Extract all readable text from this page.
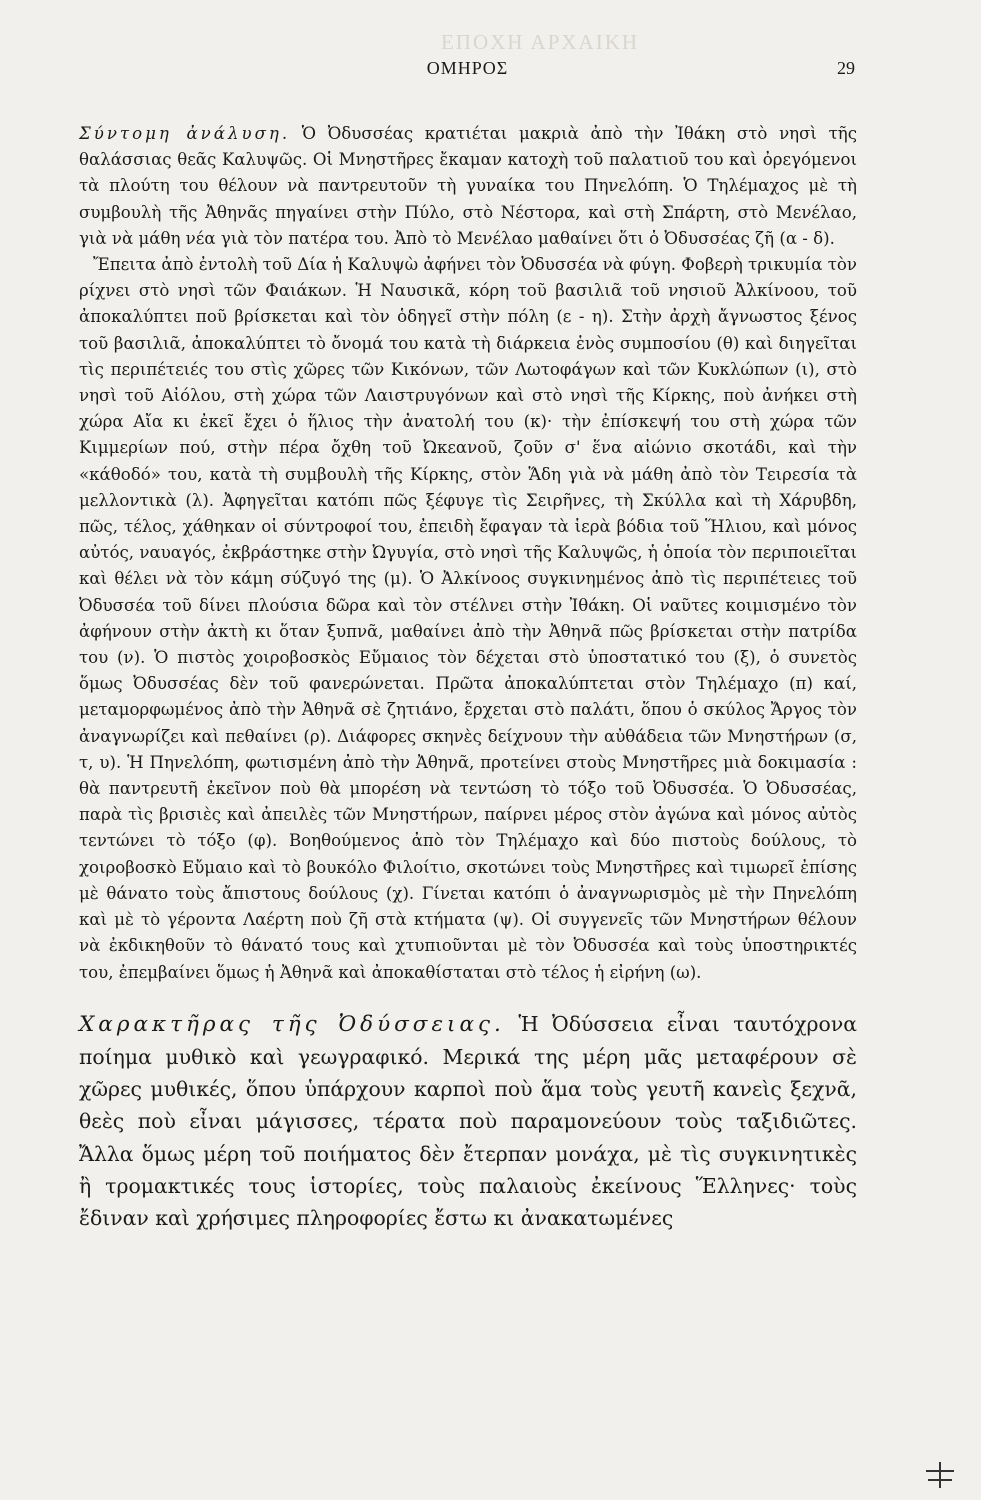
ΕΠΟΧΗ ΑΡΧΑΙΚΗ
ΟΜΗΡΟΣ	29

Σύντομη ἀνάλυση. Ὁ Ὀδυσσέας κρατιέται μακριὰ ἀπὸ τὴν Ἰθάκη στὸ νησὶ τῆς θαλάσσιας θεᾶς Καλυψῶς. Οἱ Μνηστῆρες ἔκαμαν κατοχὴ τοῦ παλατιοῦ του καὶ ὀρεγόμενοι τὰ πλούτη του θέλουν νὰ παντρευτοῦν τὴ γυναίκα του Πηνελόπη. Ὁ Τηλέμαχος μὲ τὴ συμβουλὴ τῆς Ἀθηνᾶς πηγαίνει στὴν Πύλο, στὸ Νέστορα, καὶ στὴ Σπάρτη, στὸ Μενέλαο, γιὰ νὰ μάθη νέα γιὰ τὸν πατέρα του. Ἀπὸ τὸ Μενέλαο μαθαίνει ὅτι ὁ Ὀδυσσέας ζῆ (α - δ).

Ἔπειτα ἀπὸ ἐντολὴ τοῦ Δία ἡ Καλυψὼ ἀφήνει τὸν Ὀδυσσέα νὰ φύγη. Φοβερὴ τρικυμία τὸν ρίχνει στὸ νησὶ τῶν Φαιάκων. Ἡ Ναυσικᾶ, κόρη τοῦ βασιλιᾶ τοῦ νησιοῦ Ἀλκίνοου, τοῦ ἀποκαλύπτει ποῦ βρίσκεται καὶ τὸν ὁδηγεῖ στὴν πόλη (ε - η). Στὴν ἀρχὴ ἄγνωστος ξένος τοῦ βασιλιᾶ, ἀποκαλύπτει τὸ ὄνομά του κατὰ τὴ διάρκεια ἑνὸς συμποσίου (θ) καὶ διηγεῖται τὶς περιπέτειές του στὶς χῶρες τῶν Κικόνων, τῶν Λωτοφάγων καὶ τῶν Κυκλώπων (ι), στὸ νησὶ τοῦ Αἰόλου, στὴ χώρα τῶν Λαιστρυγόνων καὶ στὸ νησὶ τῆς Κίρκης, ποὺ ἀνήκει στὴ χώρα Αἴα κι ἐκεῖ ἔχει ὁ ἥλιος τὴν ἀνατολή του (κ)· τὴν ἐπίσκεψή του στὴ χώρα τῶν Κιμμερίων πού, στὴν πέρα ὄχθη τοῦ Ὠκεανοῦ, ζοῦν σ' ἕνα αἰώνιο σκοτάδι, καὶ τὴν «κάθοδό» του, κατὰ τὴ συμβουλὴ τῆς Κίρκης, στὸν Ἅδη γιὰ νὰ μάθη ἀπὸ τὸν Τειρεσία τὰ μελλοντικὰ (λ). Ἀφηγεῖται κατόπι πῶς ξέφυγε τὶς Σειρῆνες, τὴ Σκύλλα καὶ τὴ Χάρυβδη, πῶς, τέλος, χάθηκαν οἱ σύντροφοί του, ἐπειδὴ ἔφαγαν τὰ ἱερὰ βόδια τοῦ Ἥλιου, καὶ μόνος αὐτός, ναυαγός, ἐκβράστηκε στὴν Ὠγυγία, στὸ νησὶ τῆς Καλυψῶς, ἡ ὁποία τὸν περιποιεῖται καὶ θέλει νὰ τὸν κάμη σύζυγό της (μ). Ὁ Ἀλκίνοος συγκινημένος ἀπὸ τὶς περιπέτειες τοῦ Ὀδυσσέα τοῦ δίνει πλούσια δῶρα καὶ τὸν στέλνει στὴν Ἰθάκη. Οἱ ναῦτες κοιμισμένο τὸν ἀφήνουν στὴν ἀκτὴ κι ὅταν ξυπνᾶ, μαθαίνει ἀπὸ τὴν Ἀθηνᾶ πῶς βρίσκεται στὴν πατρίδα του (ν). Ὁ πιστὸς χοιροβοσκὸς Εὔμαιος τὸν δέχεται στὸ ὑποστατικό του (ξ), ὁ συνετὸς ὅμως Ὀδυσσέας δὲν τοῦ φανερώνεται. Πρῶτα ἀποκαλύπτεται στὸν Τηλέμαχο (π) καί, μεταμορφωμένος ἀπὸ τὴν Ἀθηνᾶ σὲ ζητιάνο, ἔρχεται στὸ παλάτι, ὅπου ὁ σκύλος Ἄργος τὸν ἀναγνωρίζει καὶ πεθαίνει (ρ). Διάφορες σκηνὲς δείχνουν τὴν αὐθάδεια τῶν Μνηστήρων (σ, τ, υ). Ἡ Πηνελόπη, φωτισμένη ἀπὸ τὴν Ἀθηνᾶ, προτείνει στοὺς Μνηστῆρες μιὰ δοκιμασία : θὰ παντρευτῆ ἐκεῖνον ποὺ θὰ μπορέση νὰ τεντώση τὸ τόξο τοῦ Ὀδυσσέα. Ὁ Ὀδυσσέας, παρὰ τὶς βρισιὲς καὶ ἀπειλὲς τῶν Μνηστήρων, παίρνει μέρος στὸν ἀγώνα καὶ μόνος αὐτὸς τεντώνει τὸ τόξο (φ). Βοηθούμενος ἀπὸ τὸν Τηλέμαχο καὶ δύο πιστοὺς δούλους, τὸ χοιροβοσκὸ Εὔμαιο καὶ τὸ βουκόλο Φιλοίτιο, σκοτώνει τοὺς Μνηστῆρες καὶ τιμωρεῖ ἐπίσης μὲ θάνατο τοὺς ἄπιστους δούλους (χ). Γίνεται κατόπι ὁ ἀναγνωρισμὸς μὲ τὴν Πηνελόπη καὶ μὲ τὸ γέροντα Λαέρτη ποὺ ζῆ στὰ κτήματα (ψ). Οἱ συγγενεῖς τῶν Μνηστήρων θέλουν νὰ ἐκδικηθοῦν τὸ θάνατό τους καὶ χτυπιοῦνται μὲ τὸν Ὀδυσσέα καὶ τοὺς ὑποστηρικτές του, ἐπεμβαίνει ὅμως ἡ Ἀθηνᾶ καὶ ἀποκαθίσταται στὸ τέλος ἡ εἰρήνη (ω).

Χαρακτῆρας τῆς Ὀδύσσειας. Ἡ Ὀδύσσεια εἶναι ταυτόχρονα ποίημα μυθικὸ καὶ γεωγραφικό. Μερικά της μέρη μᾶς μεταφέρουν σὲ χῶρες μυθικές, ὅπου ὑπάρχουν καρποὶ ποὺ ἅμα τοὺς γευτῆ κανεὶς ξεχνᾶ, θεὲς ποὺ εἶναι μάγισσες, τέρατα ποὺ παραμονεύουν τοὺς ταξιδιῶτες. Ἄλλα ὅμως μέρη τοῦ ποιήματος δὲν ἔτερπαν μονάχα, μὲ τὶς συγκινητικὲς ἢ τρομακτικές τους ἱστορίες, τοὺς παλαιοὺς ἐκείνους Ἕλληνες· τοὺς ἔδιναν καὶ χρήσιμες πληροφορίες ἔστω κι ἀνακατωμένες
